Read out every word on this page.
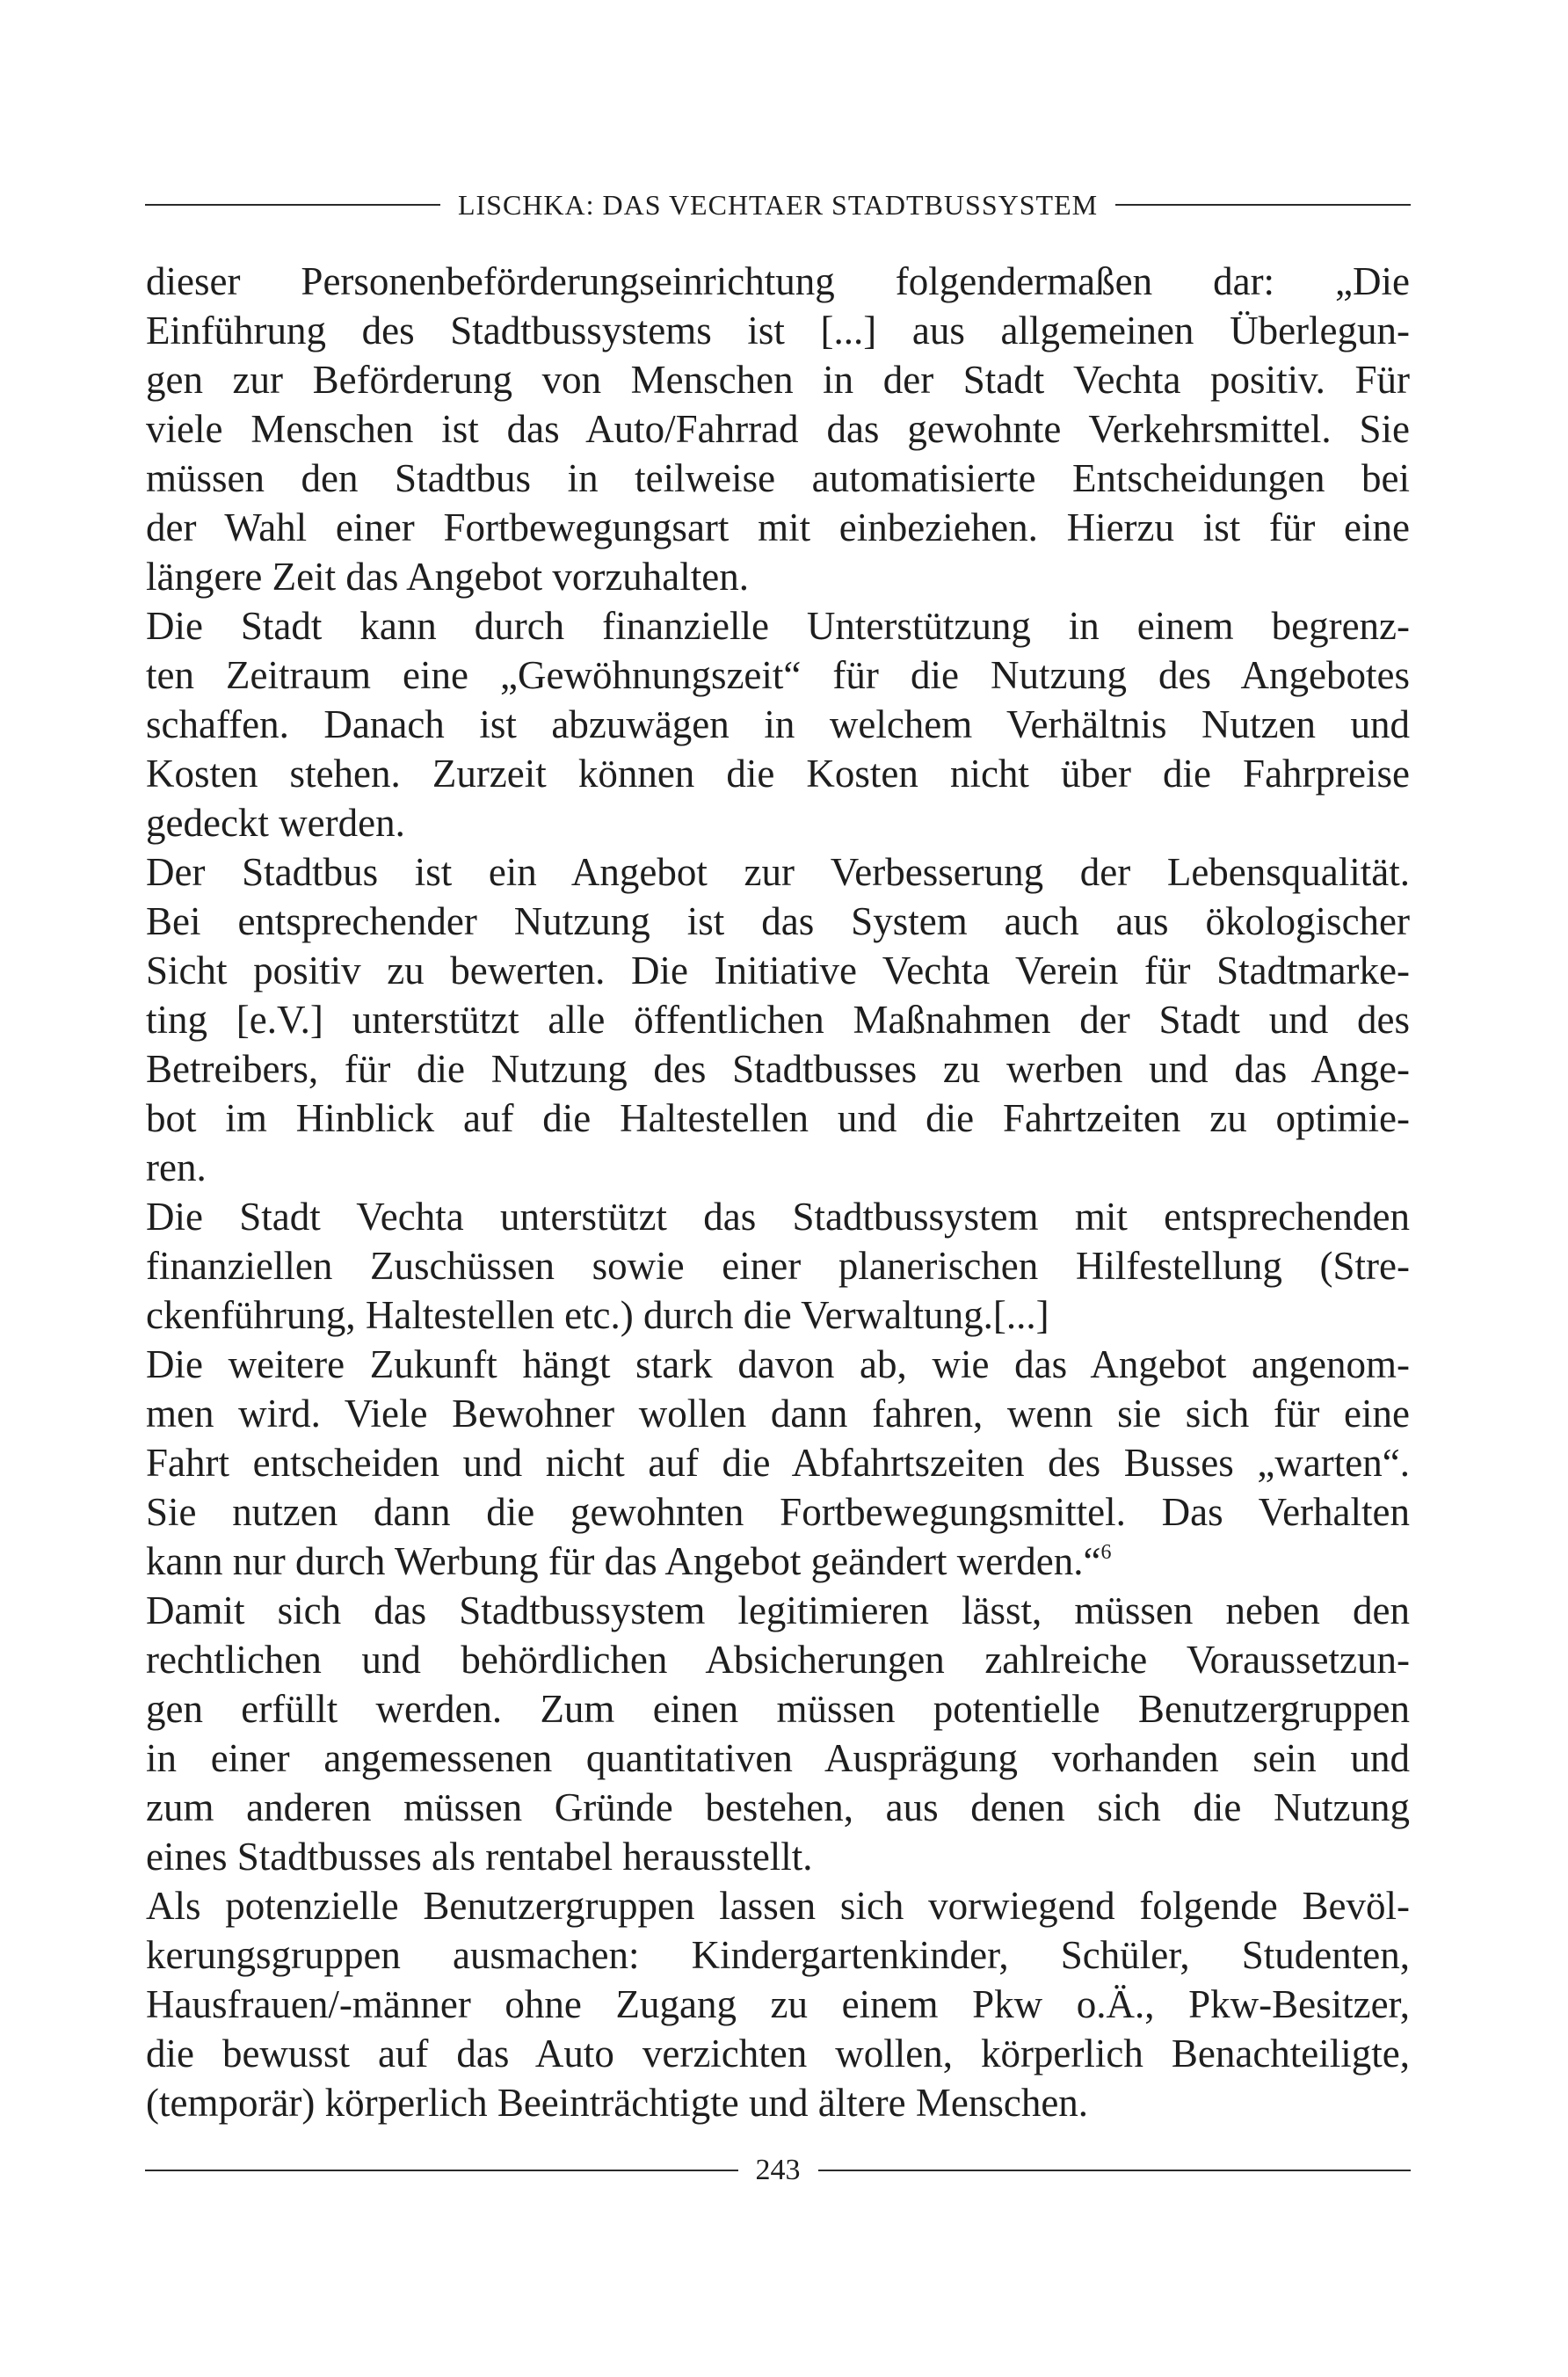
LISCHKA: DAS VECHTAER STADTBUSSYSTEM
dieser Personenbeförderungseinrichtung folgendermaßen dar: „Die
Einführung des Stadtbussystems ist [...] aus allgemeinen Überlegun-
gen zur Beförderung von Menschen in der Stadt Vechta positiv. Für
viele Menschen ist das Auto/Fahrrad das gewohnte Verkehrsmittel. Sie
müssen den Stadtbus in teilweise automatisierte Entscheidungen bei
der Wahl einer Fortbewegungsart mit einbeziehen. Hierzu ist für eine
längere Zeit das Angebot vorzuhalten.
Die Stadt kann durch finanzielle Unterstützung in einem begrenz-
ten Zeitraum eine „Gewöhnungszeit“ für die Nutzung des Angebotes
schaffen. Danach ist abzuwägen in welchem Verhältnis Nutzen und
Kosten stehen. Zurzeit können die Kosten nicht über die Fahrpreise
gedeckt werden.
Der Stadtbus ist ein Angebot zur Verbesserung der Lebensqualität.
Bei entsprechender Nutzung ist das System auch aus ökologischer
Sicht positiv zu bewerten. Die Initiative Vechta Verein für Stadtmarke-
ting [e.V.] unterstützt alle öffentlichen Maßnahmen der Stadt und des
Betreibers, für die Nutzung des Stadtbusses zu werben und das Ange-
bot im Hinblick auf die Haltestellen und die Fahrtzeiten zu optimie-
ren.
Die Stadt Vechta unterstützt das Stadtbussystem mit entsprechenden
finanziellen Zuschüssen sowie einer planerischen Hilfestellung (Stre-
ckenführung, Haltestellen etc.) durch die Verwaltung.[...]
Die weitere Zukunft hängt stark davon ab, wie das Angebot angenom-
men wird. Viele Bewohner wollen dann fahren, wenn sie sich für eine
Fahrt entscheiden und nicht auf die Abfahrtszeiten des Busses „warten“.
Sie nutzen dann die gewohnten Fortbewegungsmittel. Das Verhalten
kann nur durch Werbung für das Angebot geändert werden.“$^6$
Damit sich das Stadtbussystem legitimieren lässt, müssen neben den
rechtlichen und behördlichen Absicherungen zahlreiche Voraussetzun-
gen erfüllt werden. Zum einen müssen potentielle Benutzergruppen
in einer angemessenen quantitativen Ausprägung vorhanden sein und
zum anderen müssen Gründe bestehen, aus denen sich die Nutzung
eines Stadtbusses als rentabel herausstellt.
Als potenzielle Benutzergruppen lassen sich vorwiegend folgende Bevöl-
kerungsgruppen ausmachen: Kindergartenkinder, Schüler, Studenten,
Hausfrauen/-männer ohne Zugang zu einem Pkw o.Ä., Pkw-Besitzer,
die bewusst auf das Auto verzichten wollen, körperlich Benachteiligte,
(temporär) körperlich Beeinträchtigte und ältere Menschen.
243
